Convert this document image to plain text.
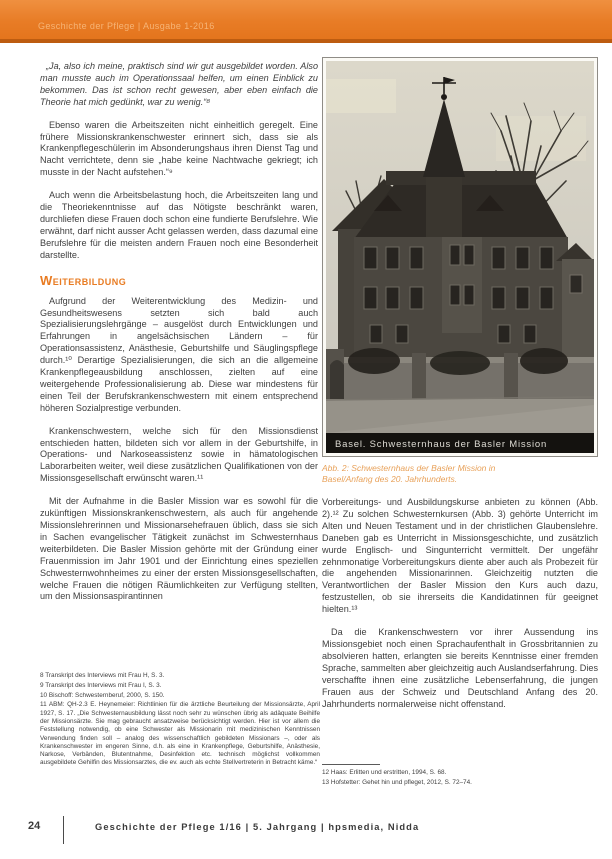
Geschichte der Pflege | Ausgabe 1-2016

„Ja, also ich meine, praktisch sind wir gut ausgebildet worden. Also man musste auch im Operationssaal helfen, um einen Einblick zu bekommen. Das ist schon recht gewesen, aber eben einfach die Theorie hat mich gedünkt, war zu wenig.“⁸

Ebenso waren die Arbeitszeiten nicht einheitlich geregelt. Eine frühere Missionskrankenschwester erinnert sich, dass sie als Krankenpflegeschülerin im Absonderungshaus ihren Dienst Tag und Nacht verrichtete, denn sie „habe keine Nachtwache gekriegt; ich musste in der Nacht aufstehen.“⁹

Auch wenn die Arbeitsbelastung hoch, die Arbeitszeiten lang und die Theoriekenntnisse auf das Nötigste beschränkt waren, durchliefen diese Frauen doch schon eine fundierte Berufslehre. Wie erwähnt, darf nicht ausser Acht gelassen werden, dass dazumal eine Berufslehre für die meisten andern Frauen noch eine Besonderheit darstellte.

Weiterbildung

Aufgrund der Weiterentwicklung des Medizin- und Gesundheitswesens setzten sich bald auch Spezialisierungslehrgänge – ausgelöst durch Entwicklungen und Erfahrungen in angelsächsischen Ländern – für Operationsassistenz, Anästhesie, Geburtshilfe und Säuglingspflege durch.¹⁰ Derartige Spezialisierungen, die sich an die allgemeine Krankenpflegeausbildung anschlossen, zielten auf eine weitergehende Professionalisierung ab. Diese war mindestens für einen Teil der Berufskrankenschwestern mit einem entsprechend höheren Sozialprestige verbunden.

Krankenschwestern, welche sich für den Missionsdienst entschieden hatten, bildeten sich vor allem in der Geburtshilfe, in Operations- und Narkoseassistenz sowie in hämatologischen Laborarbeiten weiter, weil diese zusätzlichen Qualifikationen von der Missionsgesellschaft erwünscht waren.¹¹

Mit der Aufnahme in die Basler Mission war es sowohl für die zukünftigen Missionskrankenschwestern, als auch für angehende Missionslehrerinnen und Missionarsehefrauen üblich, dass sie sich in Sachen evangelischer Tätigkeit zunächst im Schwesternhaus weiterbildeten. Die Basler Mission gehörte mit der Gründung einer Frauenmission im Jahr 1901 und der Einrichtung eines speziellen Schwesternwohnheimes zu einer der ersten Missionsgesellschaften, welche Frauen die nötigen Räumlichkeiten zur Verfügung stellten, um den Missionsaspirantinnen

8 Transkript des Interviews mit Frau H, S. 3.

9 Transkript des Interviews mit Frau I, S. 3.

10 Bischoff: Schwesternberuf, 2000, S. 150.

11 ABM: QH-2.3 E. Heynemeier: Richtlinien für die ärztliche Beurteilung der Missionsärzte, April 1927, S. 17. „Die Schwesternausbildung lässt noch sehr zu wünschen übrig als adäquate Beihilfe der Missionsärzte. Sie mag gebraucht ansatzweise berücksichtigt werden. Hier ist vor allem die Feststellung notwendig, ob eine Schwester als Missionarin mit medizinischen Kenntnissen Verwendung finden soll – analog des wissenschaftlich gebildeten Missionars –, oder als Krankenschwester im engeren Sinne, d.h. als eine in Krankenpflege, Geburtshilfe, Anästhesie, Narkose, Verbänden, Blutentnahme, Desinfektion etc. technisch möglichst vollkommen ausgebildete Gehilfin des Missionsarztes, die ev. auch als echte Stellvertreterin in Betracht käme.“

Basel. Schwesternhaus der Basler Mission
Abb. 2: Schwesternhaus der Basler Mission in Basel/Anfang des 20. Jahrhunderts.

Vorbereitungs- und Ausbildungskurse anbieten zu können (Abb. 2).¹² Zu solchen Schwesternkursen (Abb. 3) gehörte Unterricht im Alten und Neuen Testament und in der christlichen Glaubenslehre. Daneben gab es Unterricht in Missionsgeschichte, und zusätzlich wurde Englisch- und Singunterricht vermittelt. Der ungefähr zehnmonatige Vorbereitungskurs diente aber auch als Probezeit für die angehenden Missionarinnen. Gleichzeitig nutzten die Verantwortlichen der Basler Mission den Kurs auch dazu, festzustellen, ob sie ihrerseits die Kandidatinnen für geeignet hielten.¹³

Da die Krankenschwestern vor ihrer Aussendung ins Missionsgebiet noch einen Sprachaufenthalt in Grossbritannien zu absolvieren hatten, erlangten sie bereits Kenntnisse einer fremden Sprache, sammelten aber gleichzeitig auch Auslandserfahrung. Dies verschaffte ihnen eine zusätzliche Lebenserfahrung, die jungen Frauen aus der Schweiz und Deutschland Anfang des 20. Jahrhunderts normalerweise nicht offenstand.

12 Haas: Erlitten und erstritten, 1994, S. 68.

13 Hofstetter: Gehet hin und pfleget, 2012, S. 72–74.

24	Geschichte der Pflege 1/16 | 5. Jahrgang | hpsmedia, Nidda
